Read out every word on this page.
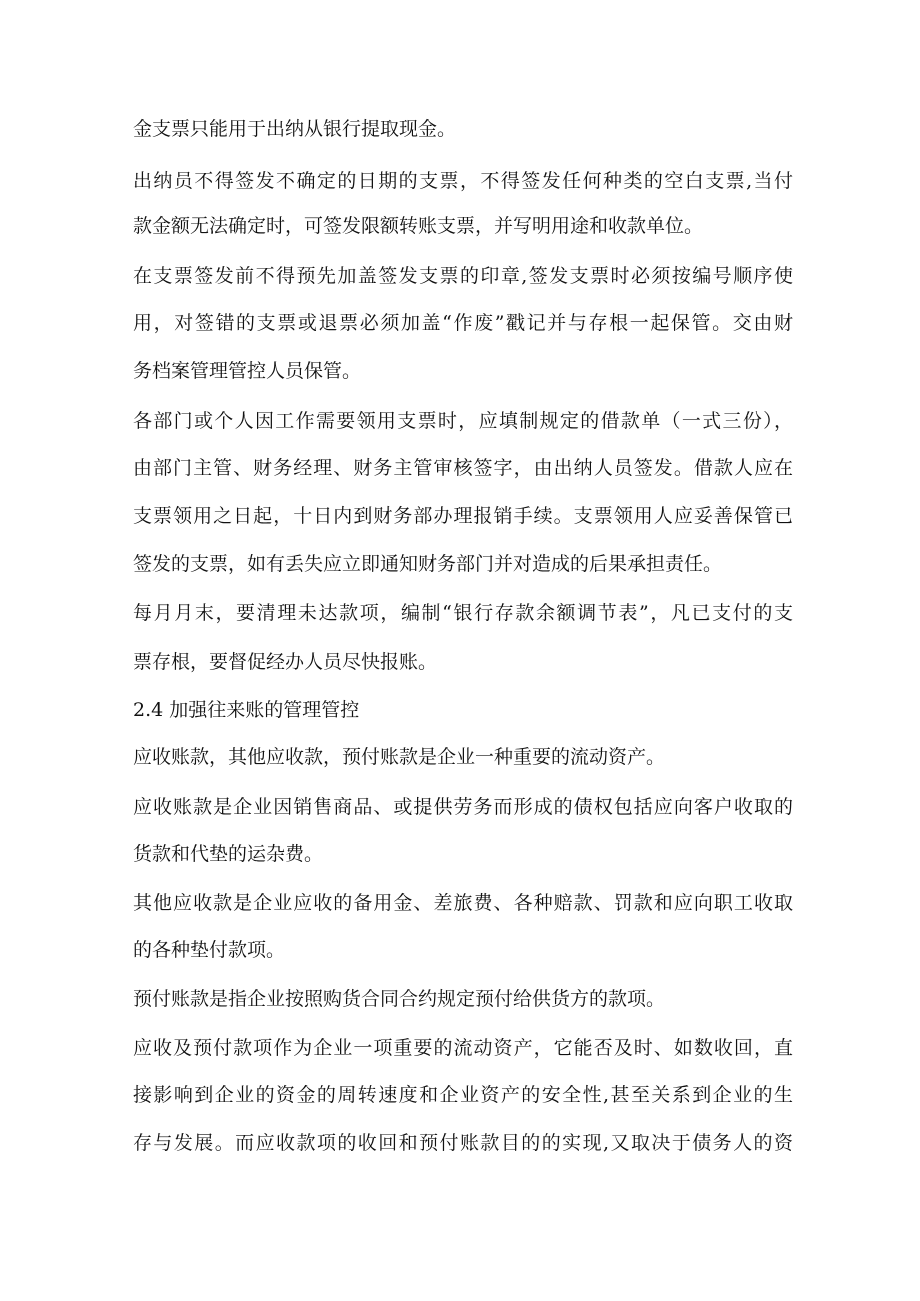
金支票只能用于出纳从银行提取现金。
出纳员不得签发不确定的日期的支票，不得签发任何种类的空白支票,当付
款金额无法确定时，可签发限额转账支票，并写明用途和收款单位。
在支票签发前不得预先加盖签发支票的印章,签发支票时必须按编号顺序使
用，对签错的支票或退票必须加盖“作废”戳记并与存根一起保管。交由财
务档案管理管控人员保管。
各部门或个人因工作需要领用支票时，应填制规定的借款单（一式三份），
由部门主管、财务经理、财务主管审核签字，由出纳人员签发。借款人应在
支票领用之日起，十日内到财务部办理报销手续。支票领用人应妥善保管已
签发的支票，如有丢失应立即通知财务部门并对造成的后果承担责任。
每月月末，要清理未达款项，编制“银行存款余额调节表”，凡已支付的支
票存根，要督促经办人员尽快报账。
2.4 加强往来账的管理管控
应收账款，其他应收款，预付账款是企业一种重要的流动资产。
应收账款是企业因销售商品、或提供劳务而形成的债权包括应向客户收取的
货款和代垫的运杂费。
其他应收款是企业应收的备用金、差旅费、各种赔款、罚款和应向职工收取
的各种垫付款项。
预付账款是指企业按照购货合同合约规定预付给供货方的款项。
应收及预付款项作为企业一项重要的流动资产，它能否及时、如数收回，直
接影响到企业的资金的周转速度和企业资产的安全性,甚至关系到企业的生
存与发展。而应收款项的收回和预付账款目的的实现,又取决于债务人的资
